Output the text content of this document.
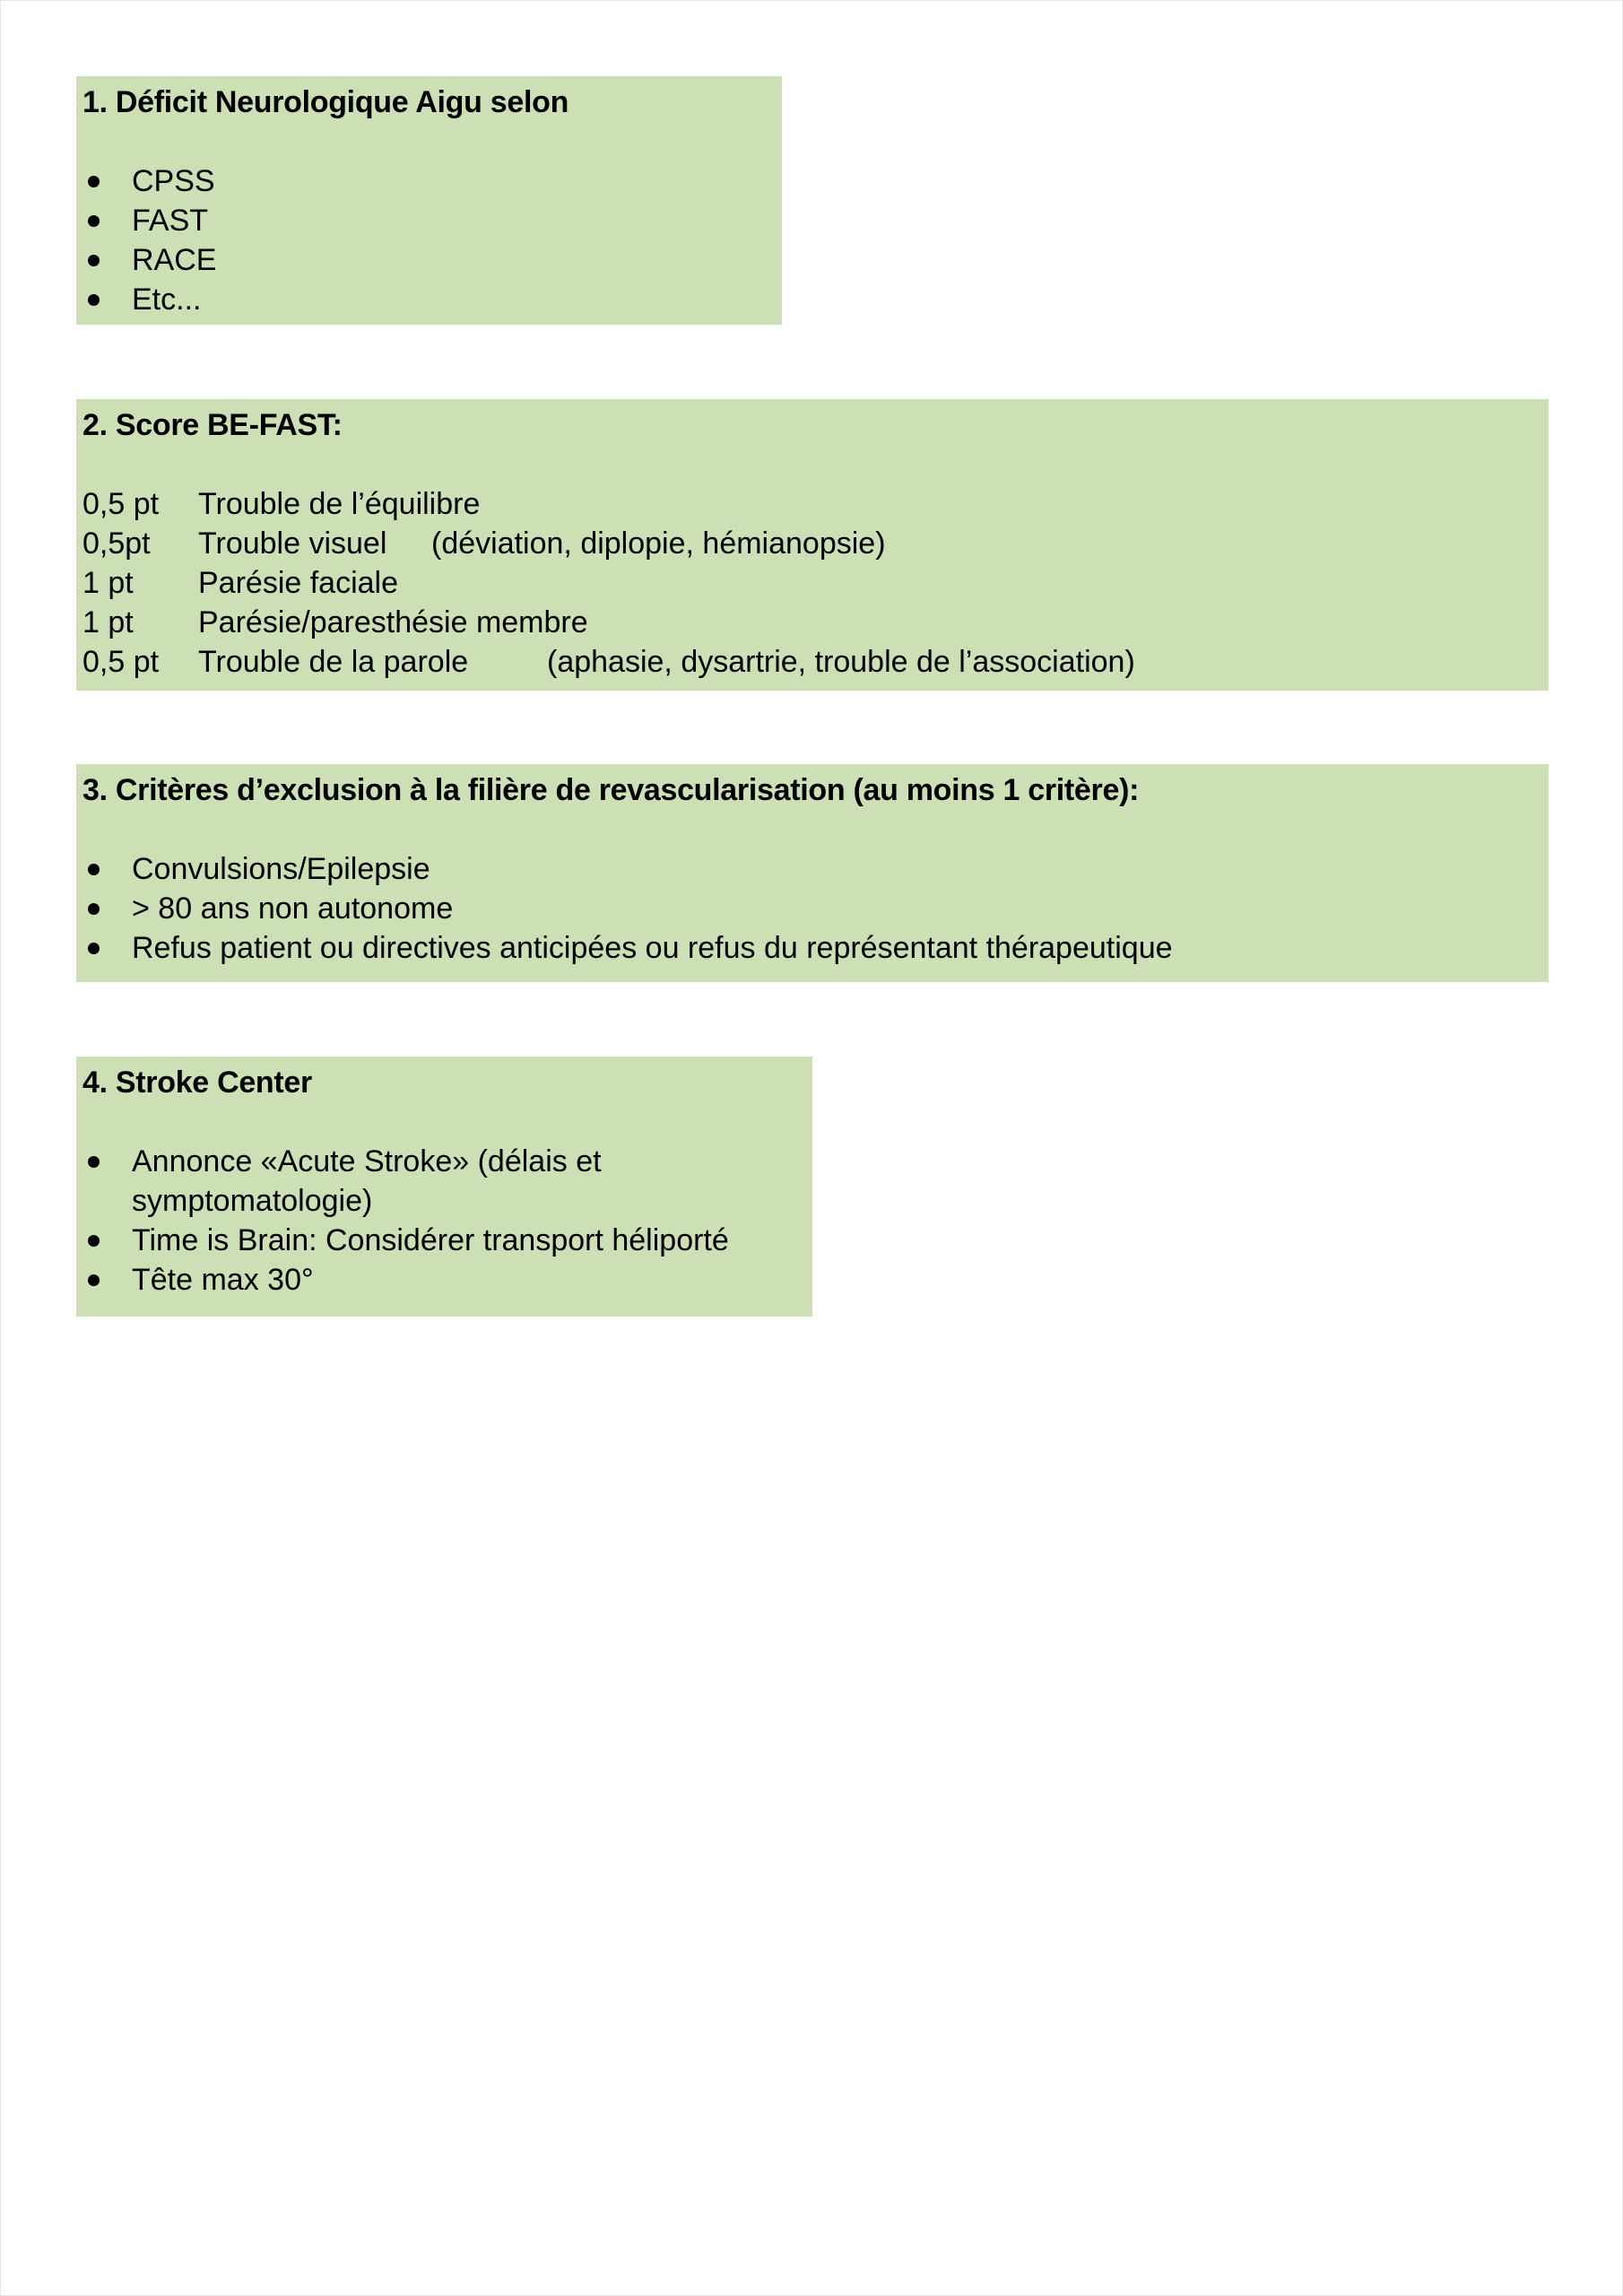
1. Déficit Neurologique Aigu selon
CPSS
FAST
RACE
Etc...
2. Score BE-FAST:
0,5 pt Trouble de l’équilibre
0,5pt Trouble visuel (déviation, diplopie, hémianopsie)
1 pt Parésie faciale
1 pt Parésie/paresthésie membre
0,5 pt Trouble de la parole	(aphasie, dysartrie, trouble de l’association)
3. Critères d’exclusion à la filière de revascularisation (au moins 1 critère):
Convulsions/Epilepsie
> 80 ans non autonome
Refus patient ou directives anticipées ou refus du représentant thérapeutique
4. Stroke Center
Annonce «Acute Stroke» (délais et symptomatologie)
Time is Brain: Considérer transport héliporté
Tête max 30°
